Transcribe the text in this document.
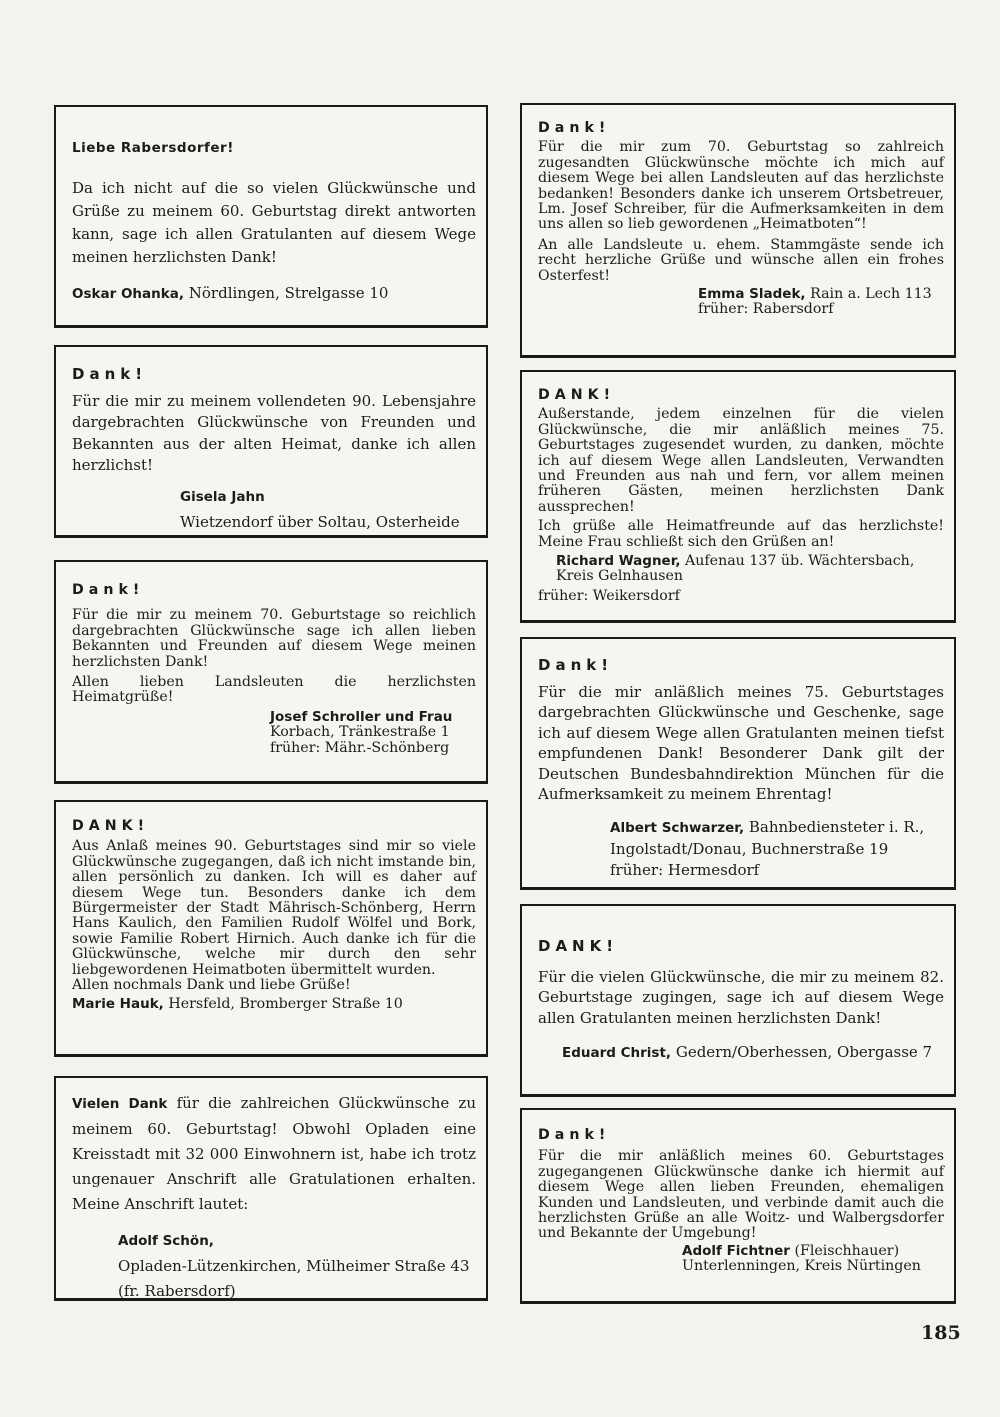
Liebe Rabersdorfer!

Da ich nicht auf die so vielen Glückwünsche und Grüße zu meinem 60. Geburtstag direkt antworten kann, sage ich allen Gratulanten auf diesem Wege meinen herzlichsten Dank!

Oskar Ohanka, Nördlingen, Strelgasse 10

Dank!

Für die mir zu meinem vollendeten 90. Lebensjahre dargebrachten Glückwünsche von Freunden und Bekannten aus der alten Heimat, danke ich allen herzlichst!

Gisela Jahn

Wietzendorf über Soltau, Osterheide

Dank!

Für die mir zu meinem 70. Geburtstage so reichlich dargebrachten Glückwünsche sage ich allen lieben Bekannten und Freunden auf diesem Wege meinen herzlichsten Dank!

Allen lieben Landsleuten die herzlichsten Heimatgrüße!

Josef Schroller und Frau

Korbach, Tränkestraße 1

früher: Mähr.-Schönberg

DANK!

Aus Anlaß meines 90. Geburtstages sind mir so viele Glückwünsche zugegangen, daß ich nicht imstande bin, allen persönlich zu danken. Ich will es daher auf diesem Wege tun. Besonders danke ich dem Bürgermeister der Stadt Mährisch-Schönberg, Herrn Hans Kaulich, den Familien Rudolf Wölfel und Bork, sowie Familie Robert Hirnich. Auch danke ich für die Glückwünsche, welche mir durch den sehr liebgewordenen Heimatboten übermittelt wurden.

Allen nochmals Dank und liebe Grüße!

Marie Hauk, Hersfeld, Bromberger Straße 10

Vielen Dank für die zahlreichen Glückwünsche zu meinem 60. Geburtstag! Obwohl Opladen eine Kreisstadt mit 32 000 Einwohnern ist, habe ich trotz ungenauer Anschrift alle Gratulationen erhalten. Meine Anschrift lautet:

Adolf Schön,

Opladen-Lützenkirchen, Mülheimer Straße 43

(fr. Rabersdorf)

Dank!

Für die mir zum 70. Geburtstag so zahlreich zugesandten Glückwünsche möchte ich mich auf diesem Wege bei allen Landsleuten auf das herzlichste bedanken! Besonders danke ich unserem Ortsbetreuer, Lm. Josef Schreiber, für die Aufmerksamkeiten in dem uns allen so lieb gewordenen „Heimatboten“!

An alle Landsleute u. ehem. Stammgäste sende ich recht herzliche Grüße und wünsche allen ein frohes Osterfest!

Emma Sladek, Rain a. Lech 113

früher: Rabersdorf

DANK!

Außerstande, jedem einzelnen für die vielen Glückwünsche, die mir anläßlich meines 75. Geburtstages zugesendet wurden, zu danken, möchte ich auf diesem Wege allen Landsleuten, Verwandten und Freunden aus nah und fern, vor allem meinen früheren Gästen, meinen herzlichsten Dank aussprechen!

Ich grüße alle Heimatfreunde auf das herzlichste! Meine Frau schließt sich den Grüßen an!

Richard Wagner, Aufenau 137 üb. Wächtersbach,

Kreis Gelnhausen

früher: Weikersdorf

Dank!

Für die mir anläßlich meines 75. Geburtstages dargebrachten Glückwünsche und Geschenke, sage ich auf diesem Wege allen Gratulanten meinen tiefst empfundenen Dank! Besonderer Dank gilt der Deutschen Bundesbahndirektion München für die Aufmerksamkeit zu meinem Ehrentag!

Albert Schwarzer, Bahnbediensteter i. R.,

Ingolstadt/Donau, Buchnerstraße 19

früher: Hermesdorf

DANK!

Für die vielen Glückwünsche, die mir zu meinem 82. Geburtstage zugingen, sage ich auf diesem Wege allen Gratulanten meinen herzlichsten Dank!

Eduard Christ, Gedern/Oberhessen, Obergasse 7

Dank!

Für die mir anläßlich meines 60. Geburtstages zugegangenen Glückwünsche danke ich hiermit auf diesem Wege allen lieben Freunden, ehemaligen Kunden und Landsleuten, und verbinde damit auch die herzlichsten Grüße an alle Woitz- und Walbergsdorfer und Bekannte der Umgebung!

Adolf Fichtner (Fleischhauer)

Unterlenningen, Kreis Nürtingen

185
